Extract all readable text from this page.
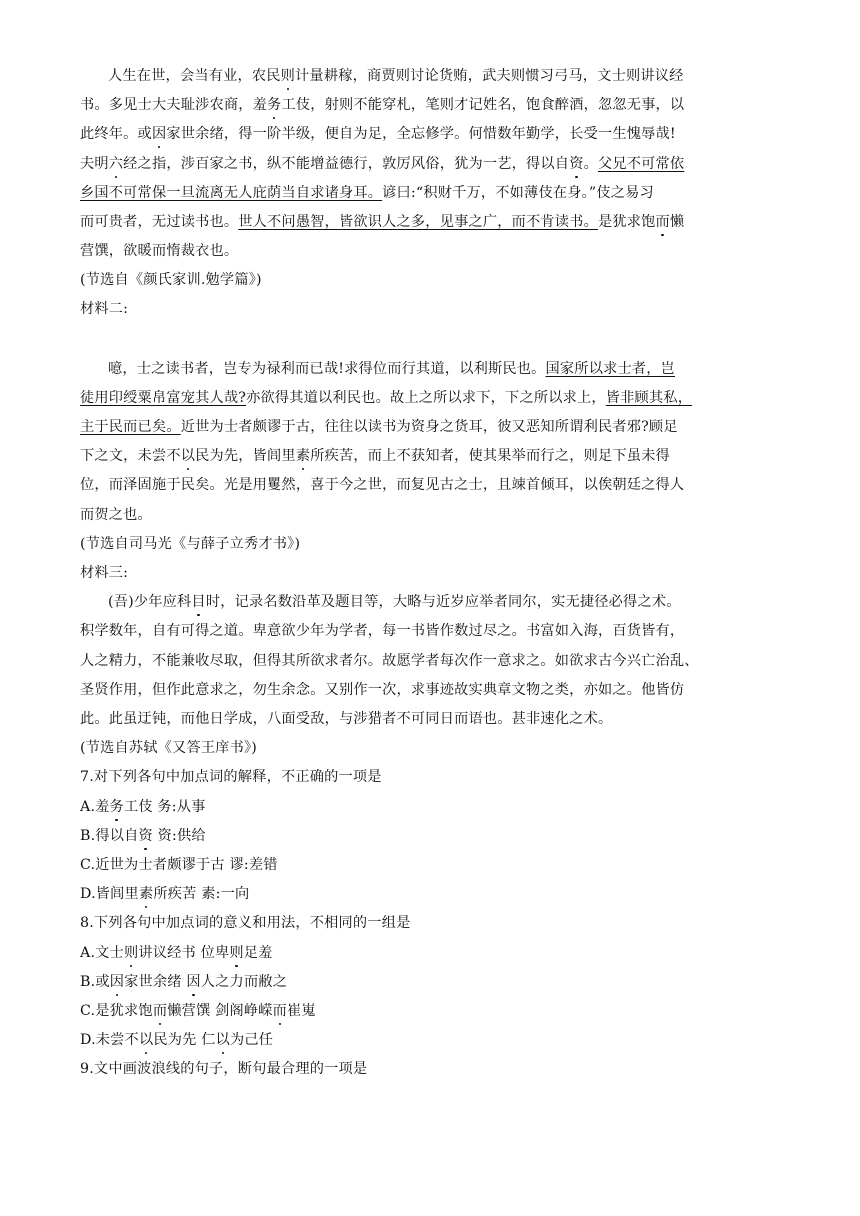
人生在世，会当有业，农民则计量耕稼，商贾则讨论货贿，武夫则惯习弓马，文士则讲议经
书。多见士大夫耻涉农商，羞务工伎，射则不能穿札，笔则才记姓名，饱食醉酒，忽忽无事，以
此终年。或因家世余绪，得一阶半级，便自为足，全忘修学。何惜数年勤学，长受一生愧辱哉!
夫明六经之指，涉百家之书，纵不能增益德行，敦厉风俗，犹为一艺，得以自资。父兄不可常依
乡国不可常保一旦流离无人庇荫当自求诸身耳。谚曰:“积财千万，不如薄伎在身。”伎之易习
而可贵者，无过读书也。世人不问愚智，皆欲识人之多，见事之广，而不肯读书。是犹求饱而懒
营馔，欲暖而惰裁衣也。
(节选自《颜氏家训.勉学篇》)
材料二:
噫，士之读书者，岂专为禄利而已哉!求得位而行其道，以利斯民也。国家所以求士者，岂
徒用印绶粟帛富宠其人哉?亦欲得其道以利民也。故上之所以求下，下之所以求上，皆非顾其私，
主于民而已矣。近世为士者颇谬于古，往往以读书为资身之货耳，彼又恶知所谓利民者邪?顾足
下之文，未尝不以民为先，皆闾里素所疾苦，而上不获知者，使其果举而行之，则足下虽未得
位，而泽固施于民矣。光是用矍然，喜于今之世，而复见古之士，且竦首倾耳，以俟朝廷之得人
而贺之也。
(节选自司马光《与薛子立秀才书》)
材料三:
(吾)少年应科目时，记录名数沿革及题目等，大略与近岁应举者同尔，实无捷径必得之术。
积学数年，自有可得之道。卑意欲少年为学者，每一书皆作数过尽之。书富如入海，百货皆有，
人之精力，不能兼收尽取，但得其所欲求者尔。故愿学者每次作一意求之。如欲求古今兴亡治乱、
圣贤作用，但作此意求之，勿生余念。又别作一次，求事迹故实典章文物之类，亦如之。他皆仿
此。此虽迂钝，而他日学成，八面受敌，与涉猎者不可同日而语也。甚非速化之术。
(节选自苏轼《又答王庠书》)
7.对下列各句中加点词的解释，不正确的一项是
A.羞务工伎 务:从事
B.得以自资 资:供给
C.近世为士者颇谬于古 谬:差错
D.皆闾里素所疾苦 素:一向
8.下列各句中加点词的意义和用法，不相同的一组是
A.文士则讲议经书 位卑则足羞
B.或因家世余绪 因人之力而敝之
C.是犹求饱而懒营馔 剑阁峥嵘而崔嵬
D.未尝不以民为先 仁以为己任
9.文中画波浪线的句子，断句最合理的一项是
